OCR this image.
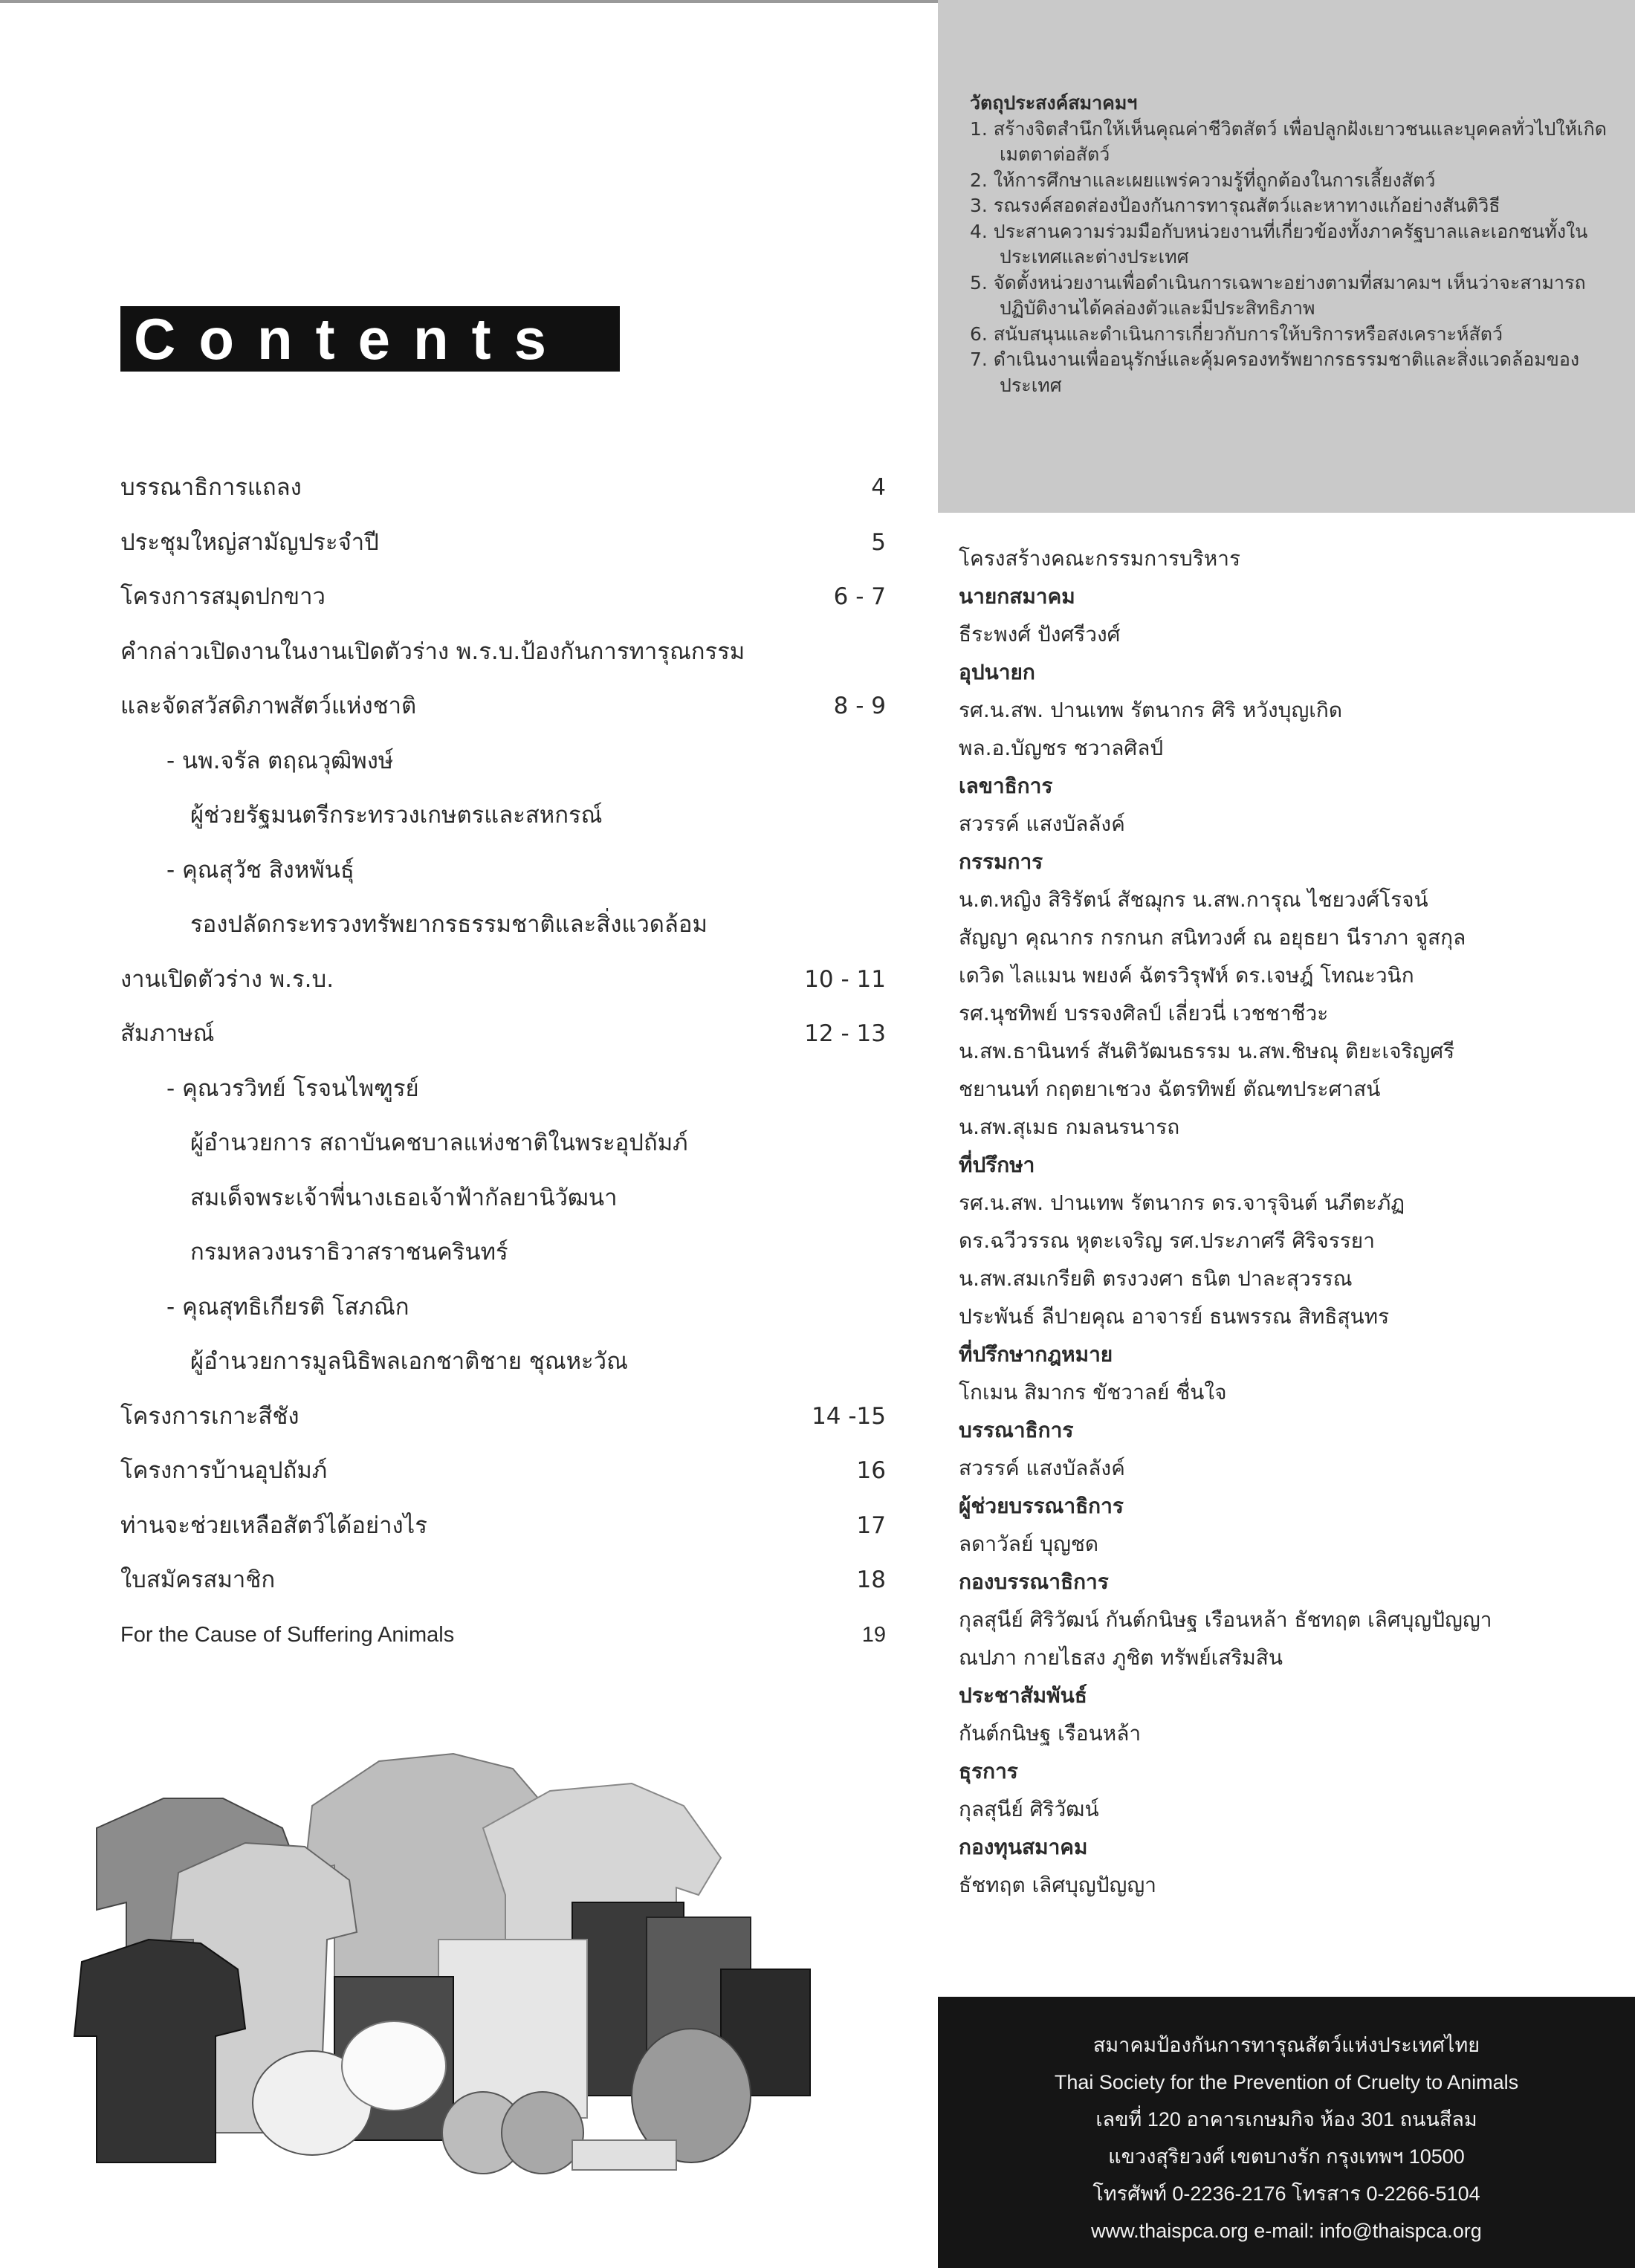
Contents
บรรณาธิการแถลง	4
ประชุมใหญ่สามัญประจำปี	5
โครงการสมุดปกขาว	6 - 7
คำกล่าวเปิดงานในงานเปิดตัวร่าง พ.ร.บ.ป้องกันการทารุณกรรม
และจัดสวัสดิภาพสัตว์แห่งชาติ	8 - 9
- นพ.จรัล ตฤณวุฒิพงษ์
ผู้ช่วยรัฐมนตรีกระทรวงเกษตรและสหกรณ์
- คุณสุวัช สิงหพันธุ์
รองปลัดกระทรวงทรัพยากรธรรมชาติและสิ่งแวดล้อม
งานเปิดตัวร่าง พ.ร.บ.	10 - 11
สัมภาษณ์	12 - 13
- คุณวรวิทย์ โรจนไพฑูรย์
ผู้อำนวยการ สถาบันคชบาลแห่งชาติในพระอุปถัมภ์
สมเด็จพระเจ้าพี่นางเธอเจ้าฟ้ากัลยานิวัฒนา
กรมหลวงนราธิวาสราชนครินทร์
- คุณสุทธิเกียรติ โสภณิก
ผู้อำนวยการมูลนิธิพลเอกชาติชาย ชุณหะวัณ
โครงการเกาะสีชัง	14 -15
โครงการบ้านอุปถัมภ์	16
ท่านจะช่วยเหลือสัตว์ได้อย่างไร	17
ใบสมัครสมาชิก	18
For the Cause of Suffering Animals	19
วัตถุประสงค์สมาคมฯ
1. สร้างจิตสำนึกให้เห็นคุณค่าชีวิตสัตว์ เพื่อปลูกฝังเยาวชนและบุคคลทั่วไปให้เกิดเมตตาต่อสัตว์
2. ให้การศึกษาและเผยแพร่ความรู้ที่ถูกต้องในการเลี้ยงสัตว์
3. รณรงค์สอดส่องป้องกันการทารุณสัตว์และหาทางแก้อย่างสันติวิธี
4. ประสานความร่วมมือกับหน่วยงานที่เกี่ยวข้องทั้งภาครัฐบาลและเอกชนทั้งในประเทศและต่างประเทศ
5. จัดตั้งหน่วยงานเพื่อดำเนินการเฉพาะอย่างตามที่สมาคมฯ เห็นว่าจะสามารถปฏิบัติงานได้คล่องตัวและมีประสิทธิภาพ
6. สนับสนุนและดำเนินการเกี่ยวกับการให้บริการหรือสงเคราะห์สัตว์
7. ดำเนินงานเพื่ออนุรักษ์และคุ้มครองทรัพยากรธรรมชาติและสิ่งแวดล้อมของประเทศ
โครงสร้างคณะกรรมการบริหาร
นายกสมาคม
ธีระพงศ์ ปังศรีวงศ์
อุปนายก
รศ.น.สพ. ปานเทพ รัตนากร ศิริ หวังบุญเกิด
พล.อ.บัญชร ชวาลศิลป์
เลขาธิการ
สวรรค์ แสงบัลลังค์
กรรมการ
น.ต.หญิง สิริรัตน์ สัชฌุกร น.สพ.การุณ ไชยวงศ์โรจน์
สัญญา คุณากร กรกนก สนิทวงศ์ ณ อยุธยา นีราภา จูสกุล
เดวิด ไลแมน พยงค์ ฉัตรวิรุฬห์ ดร.เจษฎ์ โทณะวนิก
รศ.นุชทิพย์ บรรจงศิลป์ เลี่ยวนี่ เวชชาชีวะ
น.สพ.ธานินทร์ สันติวัฒนธรรม น.สพ.ชิษณุ ติยะเจริญศรี
ชยานนท์ กฤตยาเชวง ฉัตรทิพย์ ตัณฑประศาสน์
น.สพ.สุเมธ กมลนรนารถ
ที่ปรึกษา
รศ.น.สพ. ปานเทพ รัตนากร ดร.จารุจินต์ นภีตะภัฏ
ดร.ฉวีวรรณ หุตะเจริญ รศ.ประภาศรี ศิริจรรยา
น.สพ.สมเกรียติ ตรงวงศา ธนิต ปาละสุวรรณ
ประพันธ์ ลีปายคุณ อาจารย์ ธนพรรณ สิทธิสุนทร
ที่ปรึกษากฎหมาย
โกเมน สิมากร ขัชวาลย์ ชื่นใจ
บรรณาธิการ
สวรรค์ แสงบัลลังค์
ผู้ช่วยบรรณาธิการ
ลดาวัลย์ บุญชด
กองบรรณาธิการ
กุลสุนีย์ ศิริวัฒน์ กันต์กนิษฐ เรือนหล้า ธัชทฤต เลิศบุญปัญญา
ณปภา กายไธสง ภูชิต ทรัพย์เสริมสิน
ประชาสัมพันธ์
กันต์กนิษฐ เรือนหล้า
ธุรการ
กุลสุนีย์ ศิริวัฒน์
กองทุนสมาคม
ธัชทฤต เลิศบุญปัญญา
สมาคมป้องกันการทารุณสัตว์แห่งประเทศไทย
Thai Society for the Prevention of Cruelty to Animals
เลขที่ 120 อาคารเกษมกิจ ห้อง 301 ถนนสีลม
แขวงสุริยวงศ์ เขตบางรัก กรุงเทพฯ 10500
โทรศัพท์ 0-2236-2176 โทรสาร 0-2266-5104
www.thaispca.org e-mail: info@thaispca.org
